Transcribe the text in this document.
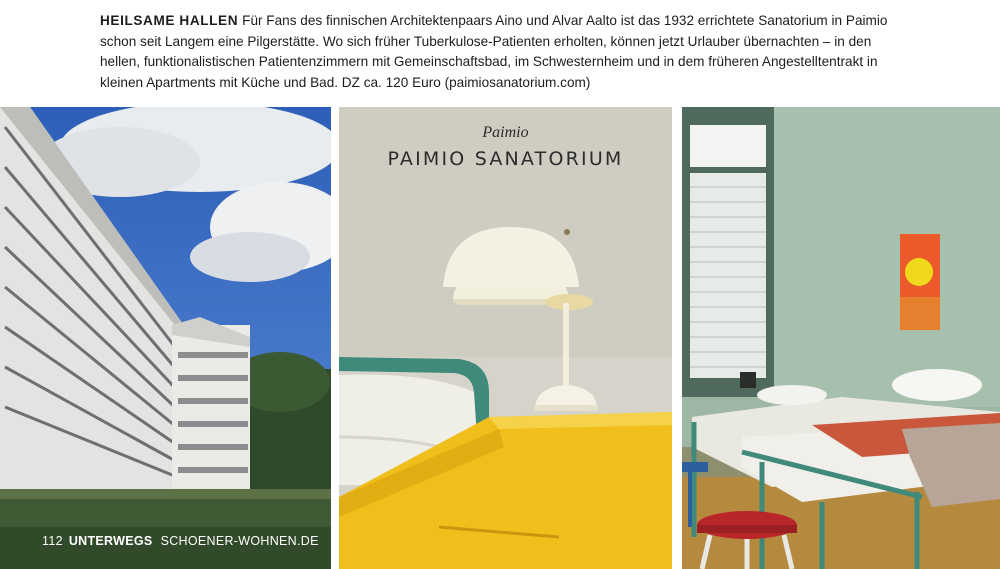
HEILSAME HALLEN Für Fans des finnischen Architektenpaars Aino und Alvar Aalto ist das 1932 errichtete Sanatorium in Paimio schon seit Langem eine Pilgerstätte. Wo sich früher Tuberkulose-Patienten erholten, können jetzt Urlauber übernachten – in den hellen, funktionalistischen Patientenzimmern mit Gemeinschaftsbad, im Schwesternheim und in dem früheren Angestelltentrakt in kleinen Apartments mit Küche und Bad. DZ ca. 120 Euro (paimiosanatorium.com)
Paimio
PAIMIO SANATORIUM
112 UNTERWEGS SCHOENER-WOHNEN.DE
